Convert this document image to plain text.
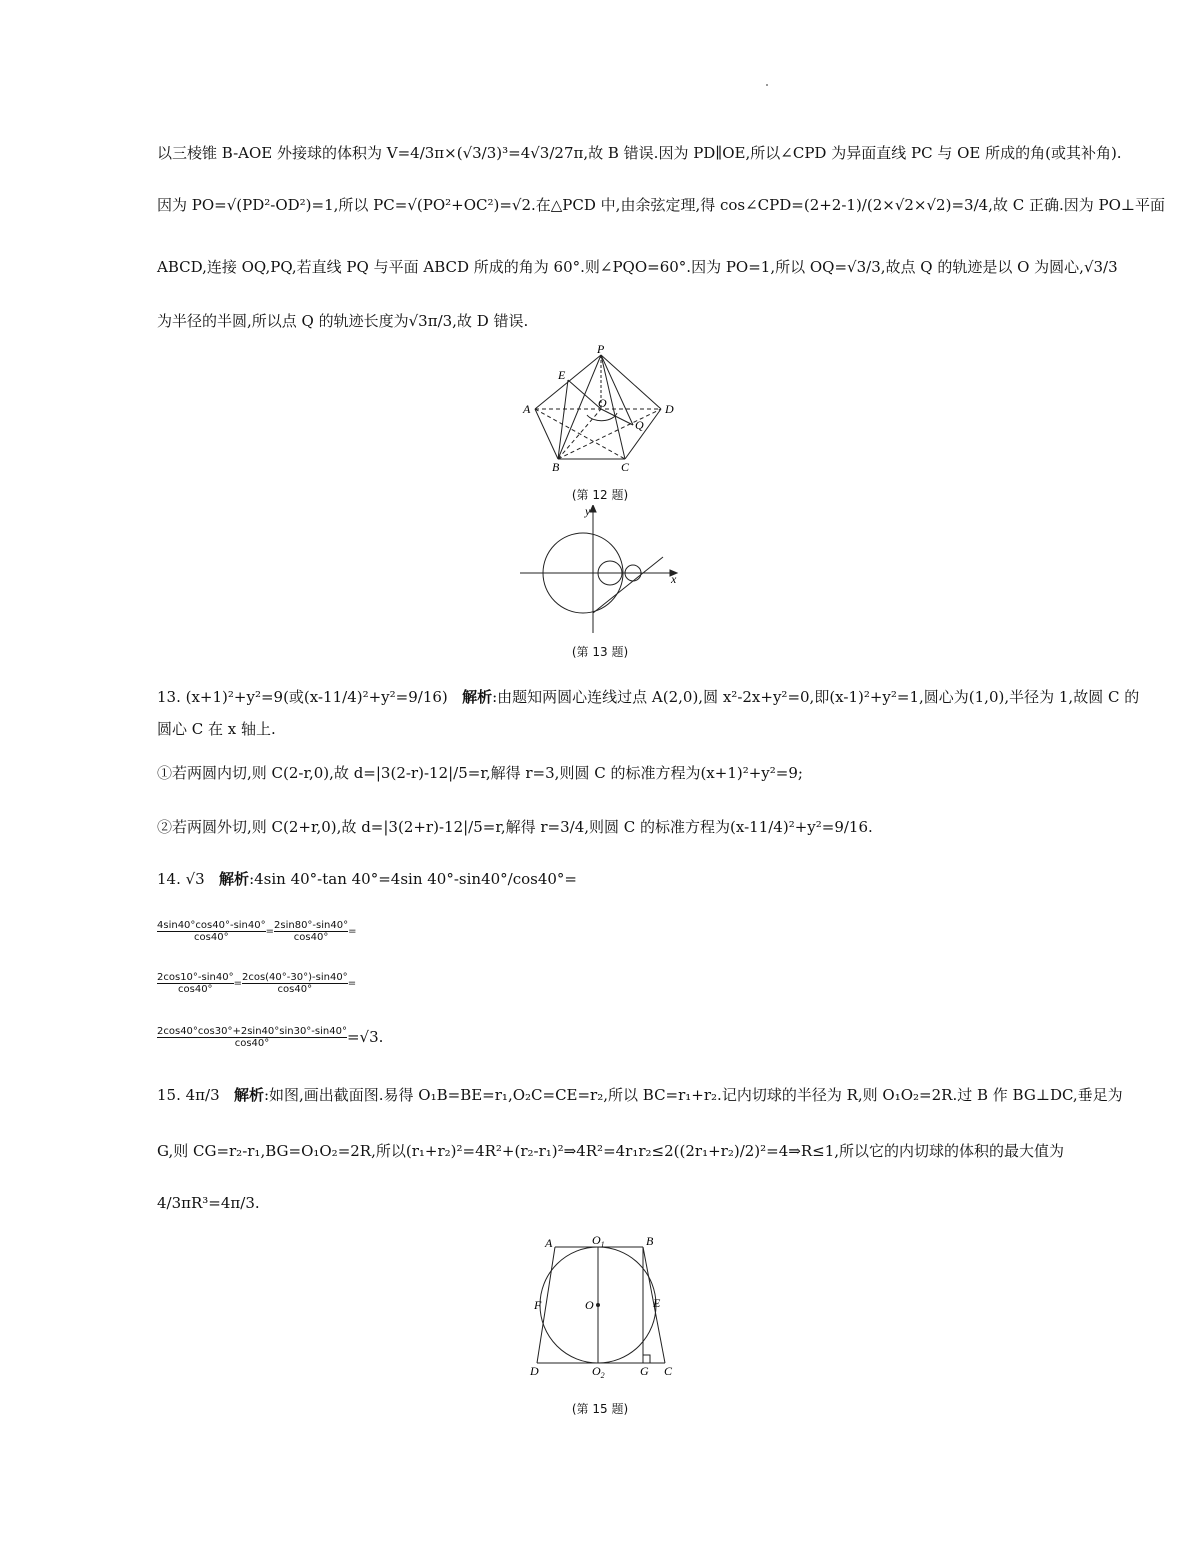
以三棱锥 B-AOE 外接球的体积为 V=4/3π×(√3/3)³=4√3/27π,故 B 错误.因为 PD∥OE,所以∠CPD 为异面直线 PC 与 OE 所成的角(或其补角).
因为 PO=√(PD²-OD²)=1,所以 PC=√(PO²+OC²)=√2.在△PCD 中,由余弦定理,得 cos∠CPD=(2+2-1)/(2×√2×√2)=3/4,故 C 正确.因为 PO⊥平面
ABCD,连接 OQ,PQ,若直线 PQ 与平面 ABCD 所成的角为 60°.则∠PQO=60°.因为 PO=1,所以 OQ=√3/3,故点 Q 的轨迹是以 O 为圆心,√3/3
为半径的半圆,所以点 Q 的轨迹长度为√3π/3,故 D 错误.
P
E
A	O	D
Q
B	C
(第 12 题)
y
x
(第 13 题)
13. (x+1)²+y²=9(或(x-11/4)²+y²=9/16) 解析:由题知两圆心连线过点 A(2,0),圆 x²-2x+y²=0,即(x-1)²+y²=1,圆心为(1,0),半径为 1,故圆 C 的
圆心 C 在 x 轴上.
①若两圆内切,则 C(2-r,0),故 d=|3(2-r)-12|/5=r,解得 r=3,则圆 C 的标准方程为(x+1)²+y²=9;
②若两圆外切,则 C(2+r,0),故 d=|3(2+r)-12|/5=r,解得 r=3/4,则圆 C 的标准方程为(x-11/4)²+y²=9/16.
14. √3 解析:4sin 40°-tan 40°=4sin 40°-sin40°/cos40°=
$\frac{4\sin 40^\circ\cos 40^\circ-\sin 40^\circ}{\cos 40^\circ} = \frac{2\sin 80^\circ-\sin 40^\circ}{\cos 40^\circ}$ =
$\frac{2\cos 10^\circ-\sin 40^\circ}{\cos 40^\circ} = \frac{2\cos(40^\circ-30^\circ)-\sin 40^\circ}{\cos 40^\circ}$ =
$\frac{2\cos 40^\circ\cos 30^\circ+2\sin 40^\circ\sin 30^\circ-\sin 40^\circ}{\cos 40^\circ} =√3$.
15. 4π/3 解析:如图,画出截面图.易得 O₁B=BE=r₁,O₂C=CE=r₂,所以 BC=r₁+r₂.记内切球的半径为 R,则 O₁O₂=2R.过 B 作 BG⊥DC,垂足为
G,则 CG=r₂-r₁,BG=O₁O₂=2R,所以(r₁+r₂)²=4R²+(r₂-r₁)²⇒4R²=4r₁r₂≤2((2r₁+r₂)/2)²=4⇒R≤1,所以它的内切球的体积的最大值为
4/3πR³=4π/3.
A	$O_1$	B
F	O	E
D	$O_2$	G C
(第 15 题)
